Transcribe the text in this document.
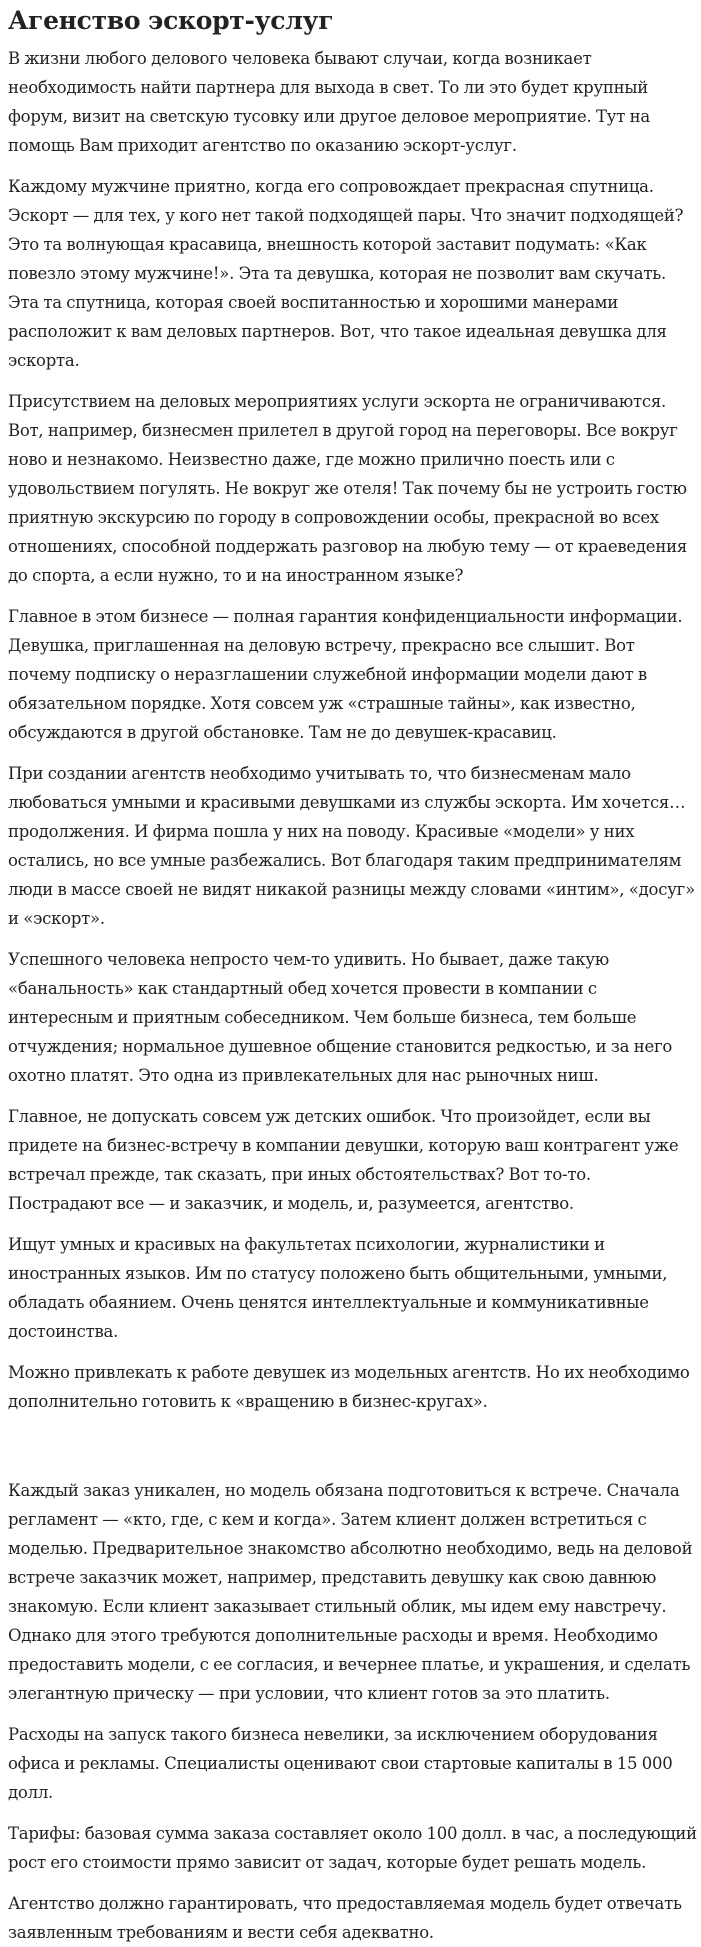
Агенство эскорт-услуг

В жизни любого делового человека бывают случаи, когда возникает необходимость найти партнера для выхода в свет. То ли это будет крупный форум, визит на светскую тусовку или другое деловое мероприятие. Тут на помощь Вам приходит агентство по оказанию эскорт-услуг.

Каждому мужчине приятно, когда его сопровождает прекрасная спутница. Эскорт — для тех, у кого нет такой подходящей пары. Что значит подходящей? Это та волнующая красавица, внешность которой заставит подумать: «Как повезло этому мужчине!». Эта та девушка, которая не позволит вам скучать. Эта та спутница, которая своей воспитанностью и хорошими манерами расположит к вам деловых партнеров. Вот, что такое идеальная девушка для эскорта.

Присутствием на деловых мероприятиях услуги эскорта не ограничиваются. Вот, например, бизнесмен прилетел в другой город на переговоры. Все вокруг ново и незнакомо. Неизвестно даже, где можно прилично поесть или с удовольствием погулять. Не вокруг же отеля! Так почему бы не устроить гостю приятную экскурсию по городу в сопровождении особы, прекрасной во всех отношениях, способной поддержать разговор на любую тему — от краеведения до спорта, а если нужно, то и на иностранном языке?

Главное в этом бизнесе — полная гарантия конфиденциальности информации. Девушка, приглашенная на деловую встречу, прекрасно все слышит. Вот почему подписку о неразглашении служебной информации модели дают в обязательном порядке. Хотя совсем уж «страшные тайны», как известно, обсуждаются в другой обстановке. Там не до девушек-красавиц.

При создании агентств необходимо учитывать то, что бизнесменам мало любоваться умными и красивыми девушками из службы эскорта. Им хочется… продолжения. И фирма пошла у них на поводу. Красивые «модели» у них остались, но все умные разбежались. Вот благодаря таким предпринимателям люди в массе своей не видят никакой разницы между словами «интим», «досуг» и «эскорт».

Успешного человека непросто чем-то удивить. Но бывает, даже такую «банальность» как стандартный обед хочется провести в компании с интересным и приятным собеседником. Чем больше бизнеса, тем больше отчуждения; нормальное душевное общение становится редкостью, и за него охотно платят. Это одна из привлекательных для нас рыночных ниш.

Главное, не допускать совсем уж детских ошибок. Что произойдет, если вы придете на бизнес-встречу в компании девушки, которую ваш контрагент уже встречал прежде, так сказать, при иных обстоятельствах? Вот то-то. Пострадают все — и заказчик, и модель, и, разумеется, агентство.

Ищут умных и красивых на факультетах психологии, журналистики и иностранных языков. Им по статусу положено быть общительными, умными, обладать обаянием. Очень ценятся интеллектуальные и коммуникативные достоинства.

Можно привлекать к работе девушек из модельных агентств. Но их необходимо дополнительно готовить к «вращению в бизнес-кругах».

Каждый заказ уникален, но модель обязана подготовиться к встрече. Сначала регламент — «кто, где, с кем и когда». Затем клиент должен встретиться с моделью. Предварительное знакомство абсолютно необходимо, ведь на деловой встрече заказчик может, например, представить девушку как свою давнюю знакомую. Если клиент заказывает стильный облик, мы идем ему навстречу. Однако для этого требуются дополнительные расходы и время. Необходимо предоставить модели, с ее согласия, и вечернее платье, и украшения, и сделать элегантную прическу — при условии, что клиент готов за это платить.

Расходы на запуск такого бизнеса невелики, за исключением оборудования офиса и рекламы. Специалисты оценивают свои стартовые капиталы в 15 000 долл.

Тарифы: базовая сумма заказа составляет около 100 долл. в час, а последующий рост его стоимости прямо зависит от задач, которые будет решать модель.

Агентство должно гарантировать, что предоставляемая модель будет отвечать заявленным требованиям и вести себя адекватно.
